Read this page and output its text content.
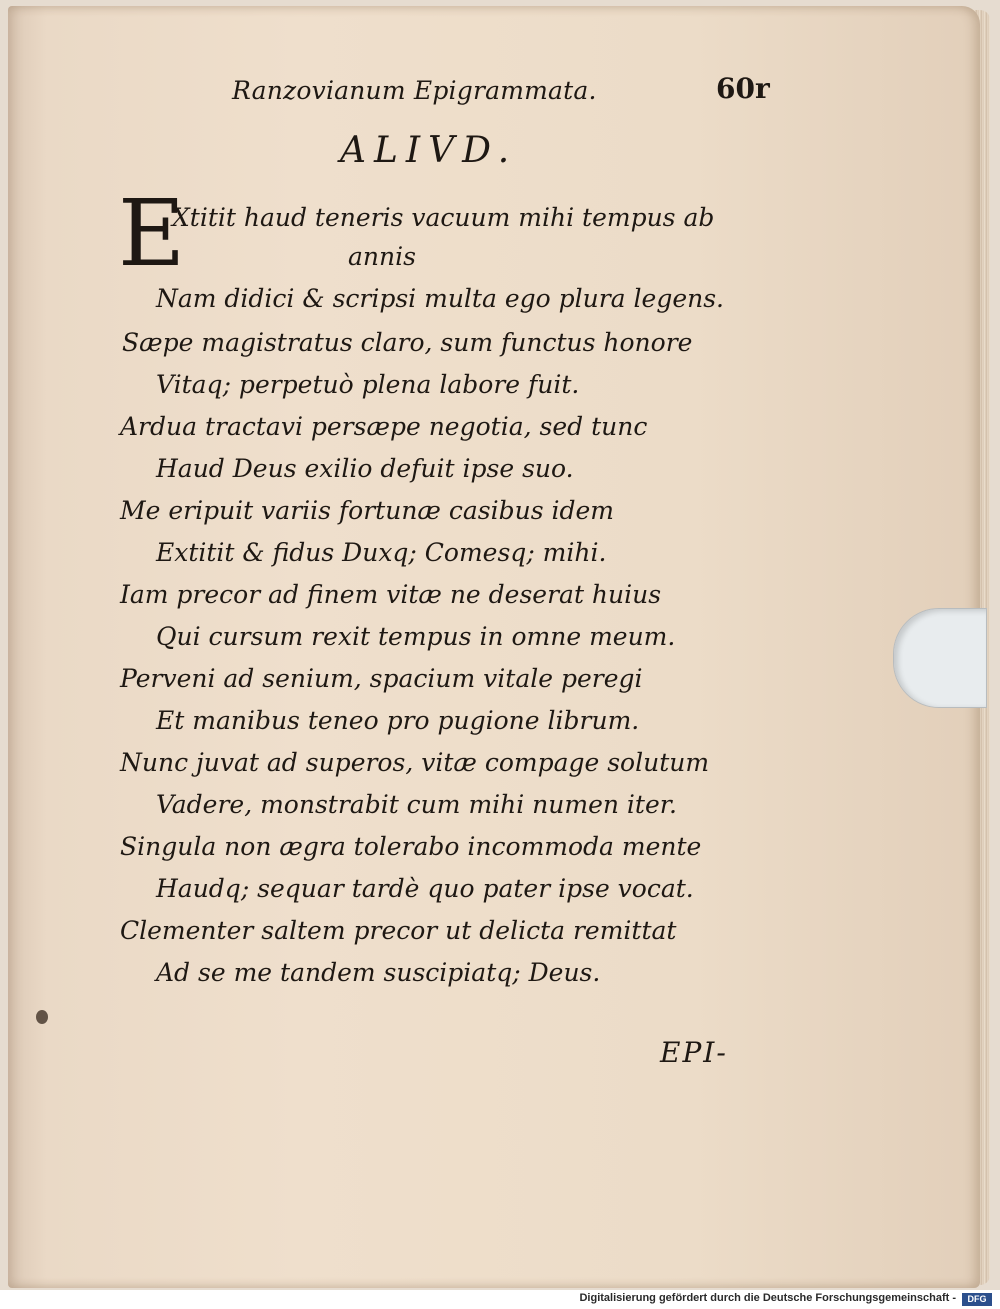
Ranzovianum Epigrammata.	60r
ALIVD.
E
Xtitit haud teneris vacuum mihi tempus ab
annis
Nam didici & scripsi multa ego plura legens.
Sæpe magistratus claro, sum functus honore
Vitaq; perpetuò plena labore fuit.
Ardua tractavi persæpe negotia, sed tunc
Haud Deus exilio defuit ipse suo.
Me eripuit variis fortunæ casibus idem
Extitit & fidus Duxq; Comesq; mihi.
Iam precor ad finem vitæ ne deserat huius
Qui cursum rexit tempus in omne meum.
Perveni ad senium, spacium vitale peregi
Et manibus teneo pro pugione librum.
Nunc juvat ad superos, vitæ compage solutum
Vadere, monstrabit cum mihi numen iter.
Singula non ægra tolerabo incommoda mente
Haudq; sequar tardè quo pater ipse vocat.
Clementer saltem precor ut delicta remittat
Ad se me tandem suscipiatq; Deus.
EPI-
Digitalisierung gefördert durch die Deutsche Forschungsgemeinschaft -	DFG
